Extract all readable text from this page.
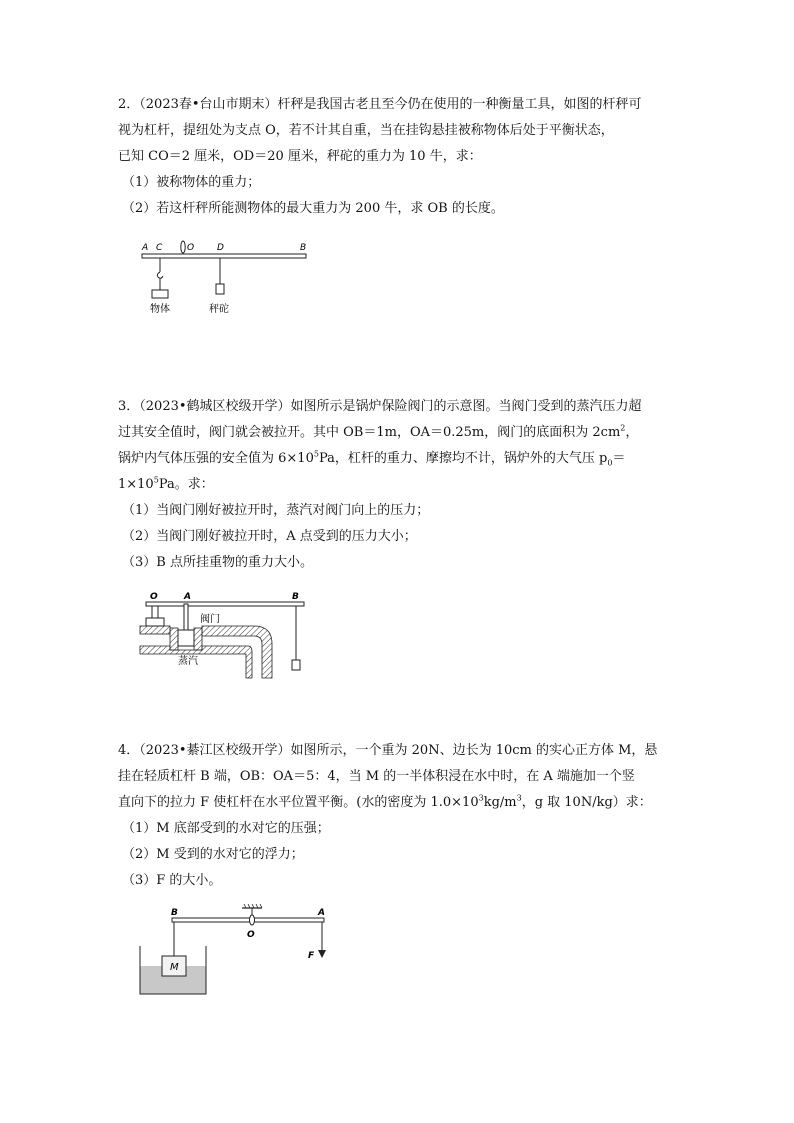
2．（2023春•台山市期末）杆秤是我国古老且至今仍在使用的一种衡量工具，如图的杆秤可

视为杠杆，提纽处为支点 O，若不计其自重，当在挂钩悬挂被称物体后处于平衡状态，

已知 CO＝2 厘米，OD＝20 厘米，秤砣的重力为 10 牛，求：

（1）被称物体的重力；

（2）若这杆秤所能测物体的最大重力为 200 牛，求 OB 的长度。

A C	O	D	B
物体	秤砣

3．（2023•鹤城区校级开学）如图所示是锅炉保险阀门的示意图。当阀门受到的蒸汽压力超

过其安全值时，阀门就会被拉开。其中 OB＝1m，OA＝0.25m，阀门的底面积为 $2cm^2$，

锅炉内气体压强的安全值为 $6\times 10^5Pa$，杠杆的重力、摩擦均不计，锅炉外的大气压 $p_0=$

$1\times 10^5Pa$。求：

（1）当阀门刚好被拉开时，蒸汽对阀门向上的压力；

（2）当阀门刚好被拉开时，A 点受到的压力大小；

（3）B 点所挂重物的重力大小。

O	A	B
阀门
蒸汽

4．（2023•綦江区校级开学）如图所示，一个重为 20N、边长为 10cm 的实心正方体 M，悬

挂在轻质杠杆 B 端，OB：OA＝5：4，当 M 的一半体积浸在水中时，在 A 端施加一个竖

直向下的拉力 F 使杠杆在水平位置平衡。(水的密度为 $1.0\times 10^3kg/m^3$，g 取 10N/kg）求：

（1）M 底部受到的水对它的压强；

（2）M 受到的水对它的浮力；

（3）F 的大小。

B
O
A
M
F
